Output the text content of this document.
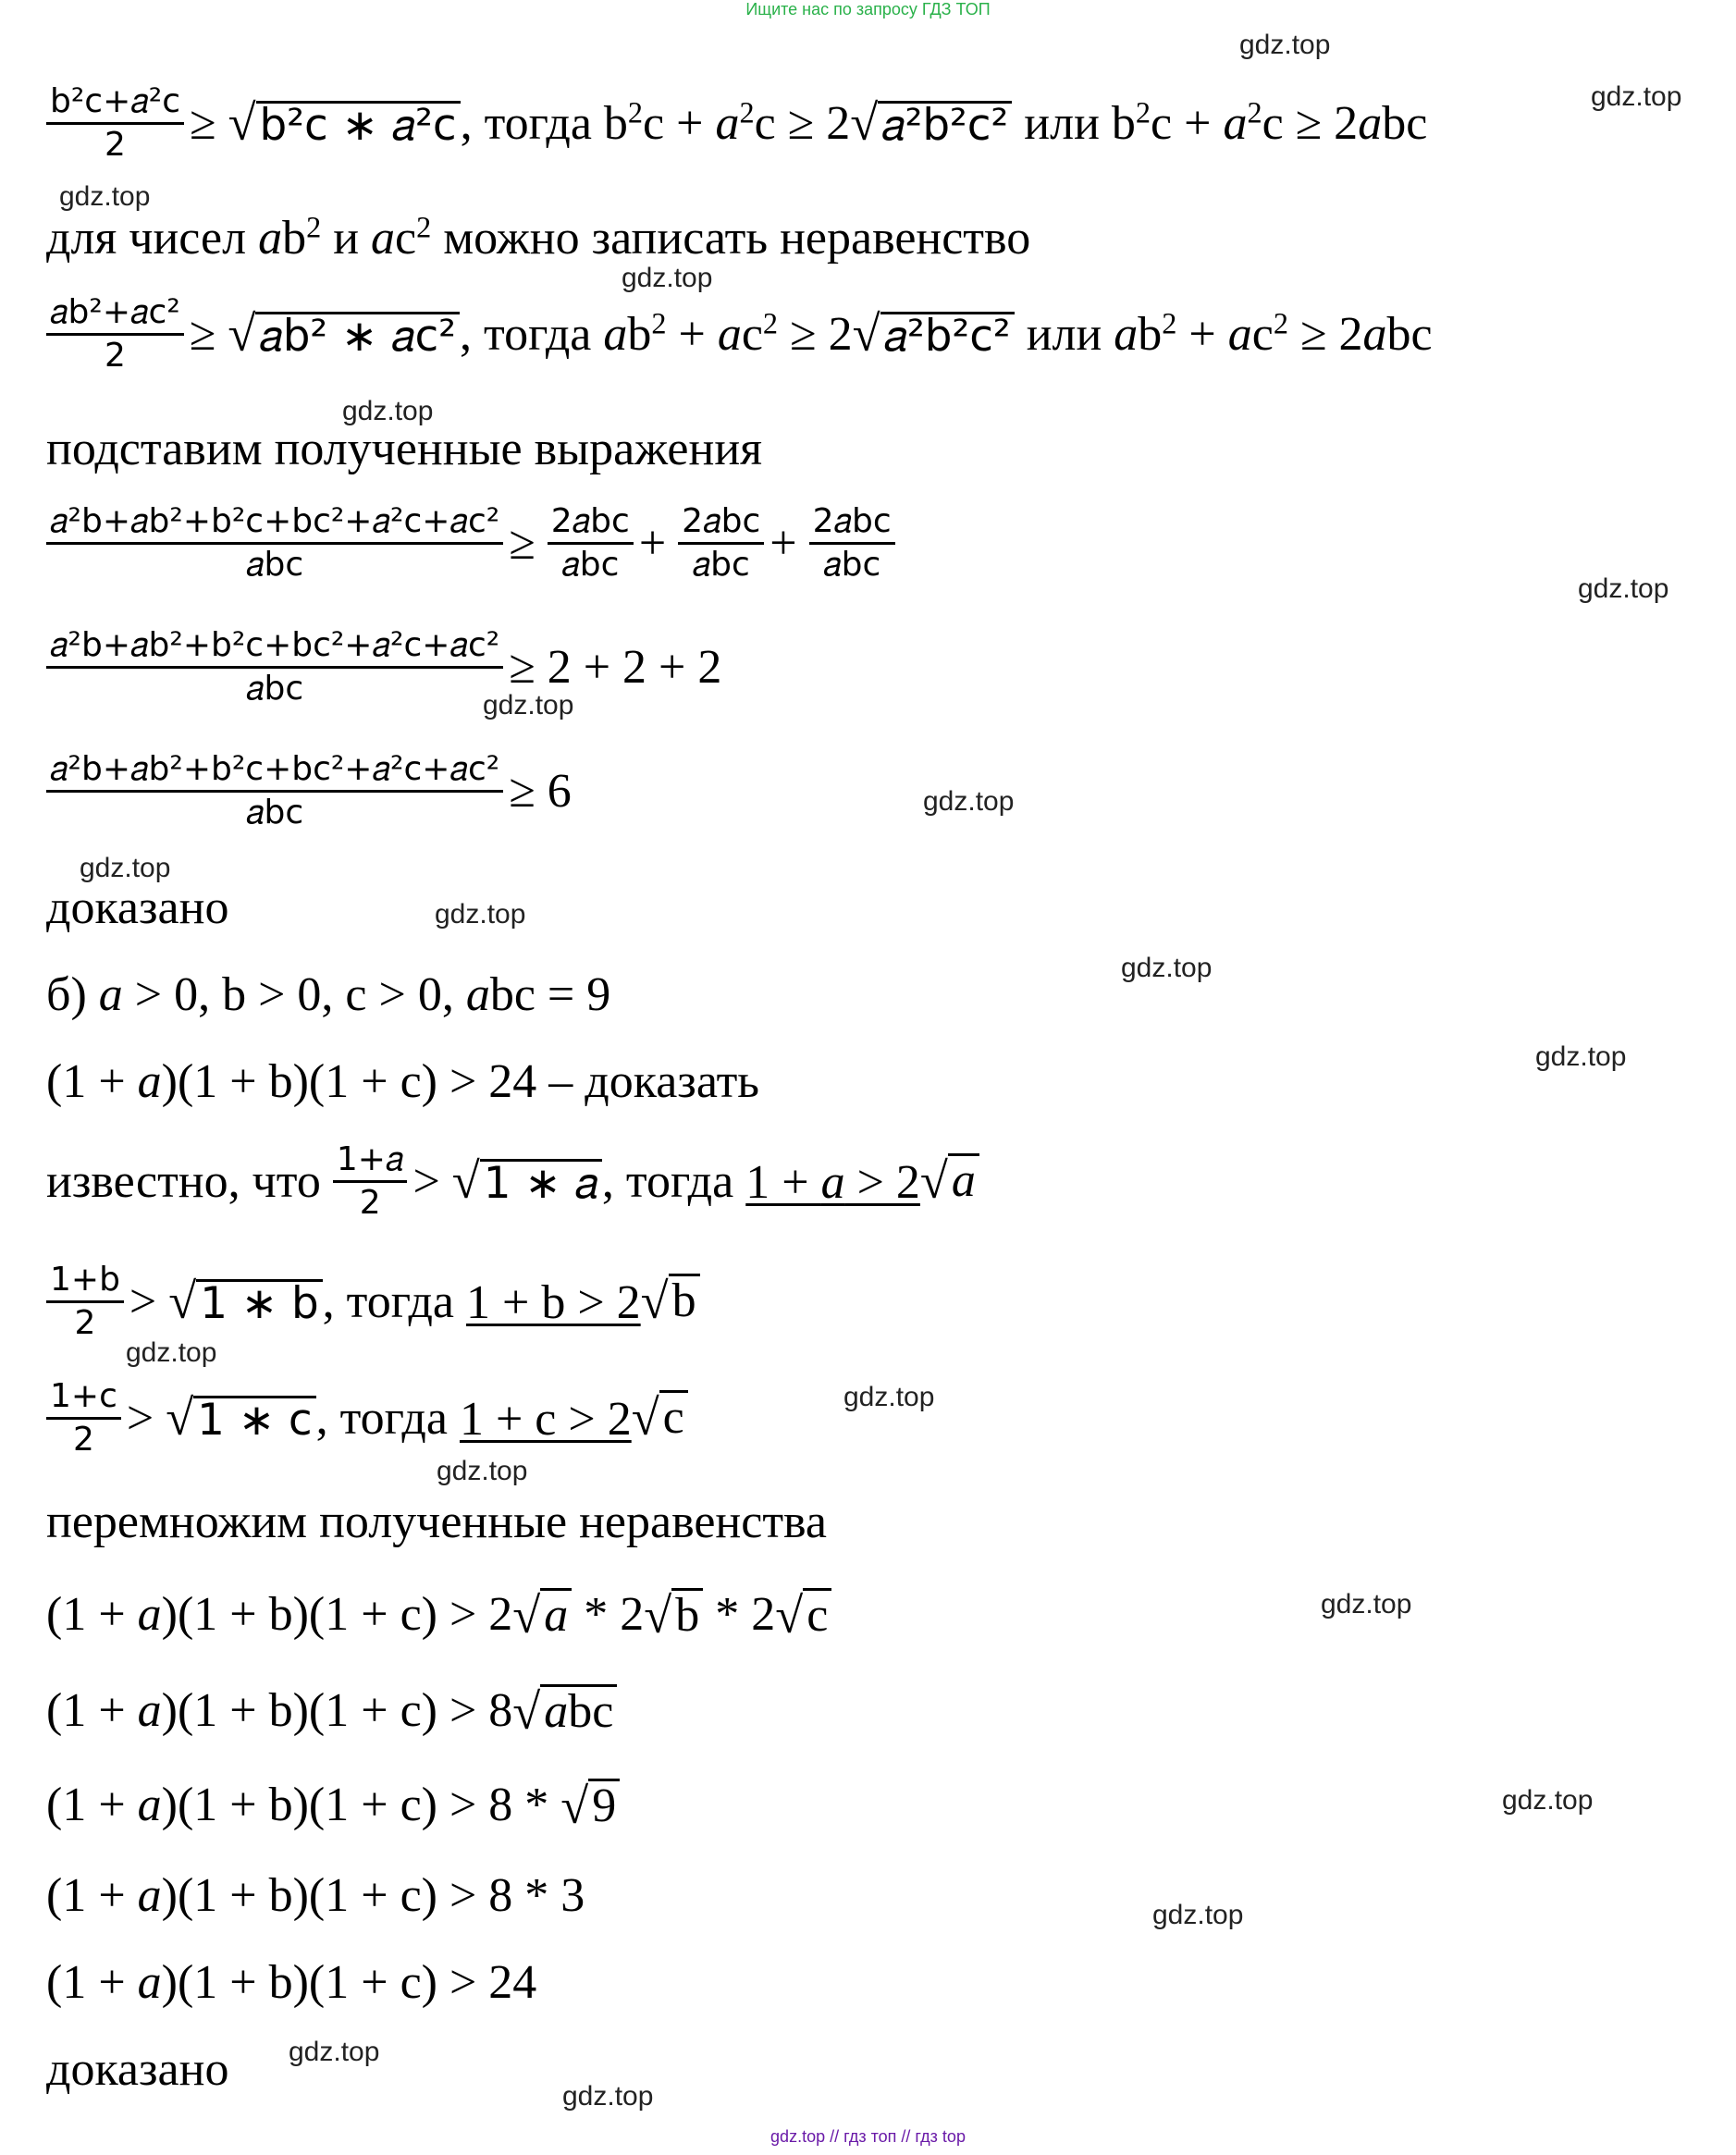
Ищите нас по запросу ГДЗ ТОП
$\frac{\text{b²c+𝑎²c}}{2}$ ≥ √ b²c ∗ 𝑎²c , тогда $b^2c + a^2c \ge 2$ √ 𝑎²b²c²
или $b^2c + a^2c \ge 2abc$
для чисел $ab^2$ и $ac^2$ можно записать неравенство
$\frac{\text{𝑎b²+𝑎c²}}{2}$ ≥ √ 𝑎b² ∗ 𝑎c² , тогда $ab^2 + ac^2 \ge 2$ √ 𝑎²b²c²
или $ab^2 + ac^2 \ge 2abc$
подставим полученные выражения
$\frac{\text{𝑎²b+𝑎b²+b²c+bc²+𝑎²c+𝑎c²}}{\text{𝑎bc}} \ge \frac{\text{2𝑎bc}}{\text{𝑎bc}} + \frac{\text{2𝑎bc}}{\text{𝑎bc}} + \frac{\text{2𝑎bc}}{\text{𝑎bc}}$
$\frac{\text{𝑎²b+𝑎b²+b²c+bc²+𝑎²c+𝑎c²}}{\text{𝑎bc}} \ge 2 + 2 + 2$
$\frac{\text{𝑎²b+𝑎b²+b²c+bc²+𝑎²c+𝑎c²}}{\text{𝑎bc}} \ge 6$
доказано
б) a > 0, b > 0, c > 0, abc = 9
(1 + a)(1 + b)(1 + c) > 24 – доказать
известно, что
$\frac{\text{1+𝑎}}{2}$ > √ 1 ∗ 𝑎 , тогда 1 + a > 2 √ a
$\frac{1+b}{2}$ > √ 1 ∗ b , тогда 1 + b > 2 √ b
$\frac{1+c}{2}$ > √ 1 ∗ c , тогда 1 + c > 2 √ c
перемножим полученные неравенства
(1 + a)(1 + b)(1 + c) > 2 √ a * 2 √ b * 2 √ c
(1 + a)(1 + b)(1 + c) > 8 √ abc
(1 + a)(1 + b)(1 + c) > 8 * √ 9
(1 + a)(1 + b)(1 + c) > 8 * 3
(1 + a)(1 + b)(1 + c) > 24
доказано
gdz.top
gdz.top
gdz.top
gdz.top
gdz.top
gdz.top
gdz.top
gdz.top
gdz.top
gdz.top
gdz.top
gdz.top
gdz.top
gdz.top
gdz.top
gdz.top
gdz.top
gdz.top
gdz.top
gdz.top
gdz.top // гдз топ // гдз top
